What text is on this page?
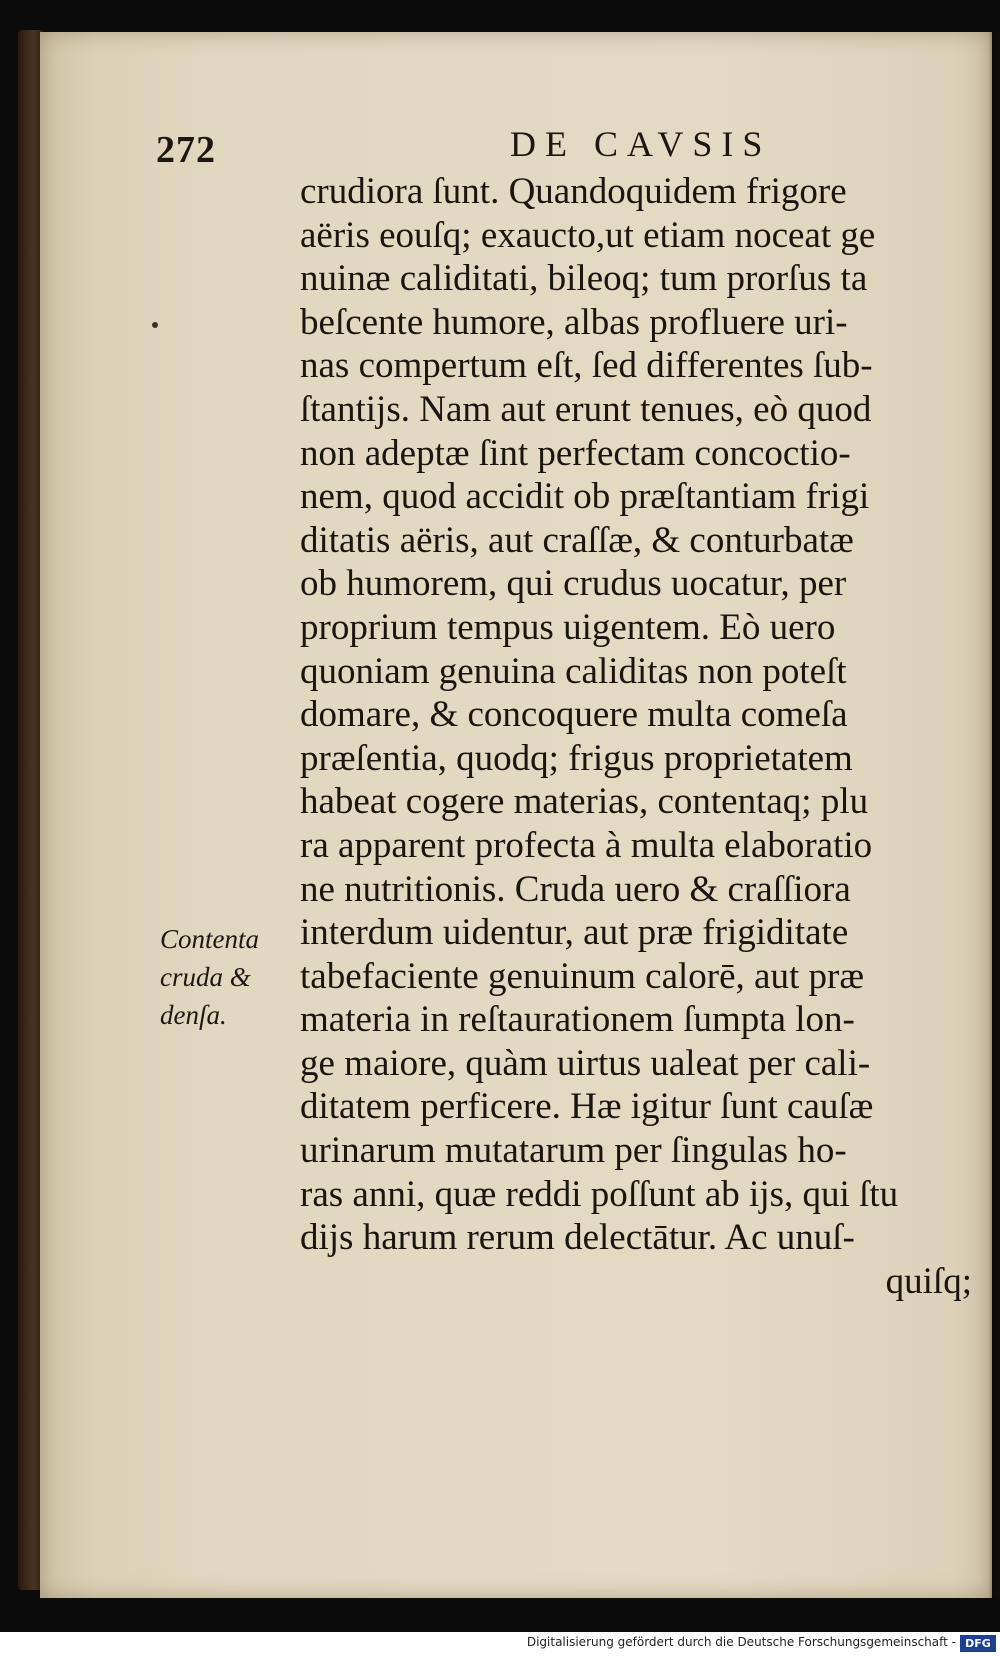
272	DE CAVSIS
crudiora ſunt. Quandoquidem frigore
aëris eouſq; exaucto,ut etiam noceat ge
nuinæ caliditati, bileoq; tum prorſus ta
beſcente humore, albas profluere uri-
nas compertum eſt, ſed differentes ſub-
ſtantijs. Nam aut erunt tenues, eò quod
non adeptæ ſint perfectam concoctio-
nem, quod accidit ob præſtantiam frigi
ditatis aëris, aut craſſæ, & conturbatæ
ob humorem, qui crudus uocatur, per
proprium tempus uigentem. Eò uero
quoniam genuina caliditas non poteſt
domare, & concoquere multa comeſa
præſentia, quodq; frigus proprietatem
habeat cogere materias, contentaq; plu
ra apparent profecta à multa elaboratio
ne nutritionis. Cruda uero & craſſiora
interdum uidentur, aut præ frigiditate
tabefaciente genuinum calorē, aut præ
materia in reſtaurationem ſumpta lon-
ge maiore, quàm uirtus ualeat per cali-
ditatem perficere. Hæ igitur ſunt cauſæ
urinarum mutatarum per ſingulas ho-
ras anni, quæ reddi poſſunt ab ijs, qui ſtu
dijs harum rerum delectātur. Ac unuſ-
quiſq;
Contenta
cruda &
denſa.
Digitalisierung gefördert durch die Deutsche Forschungsgemeinschaft - DFG
